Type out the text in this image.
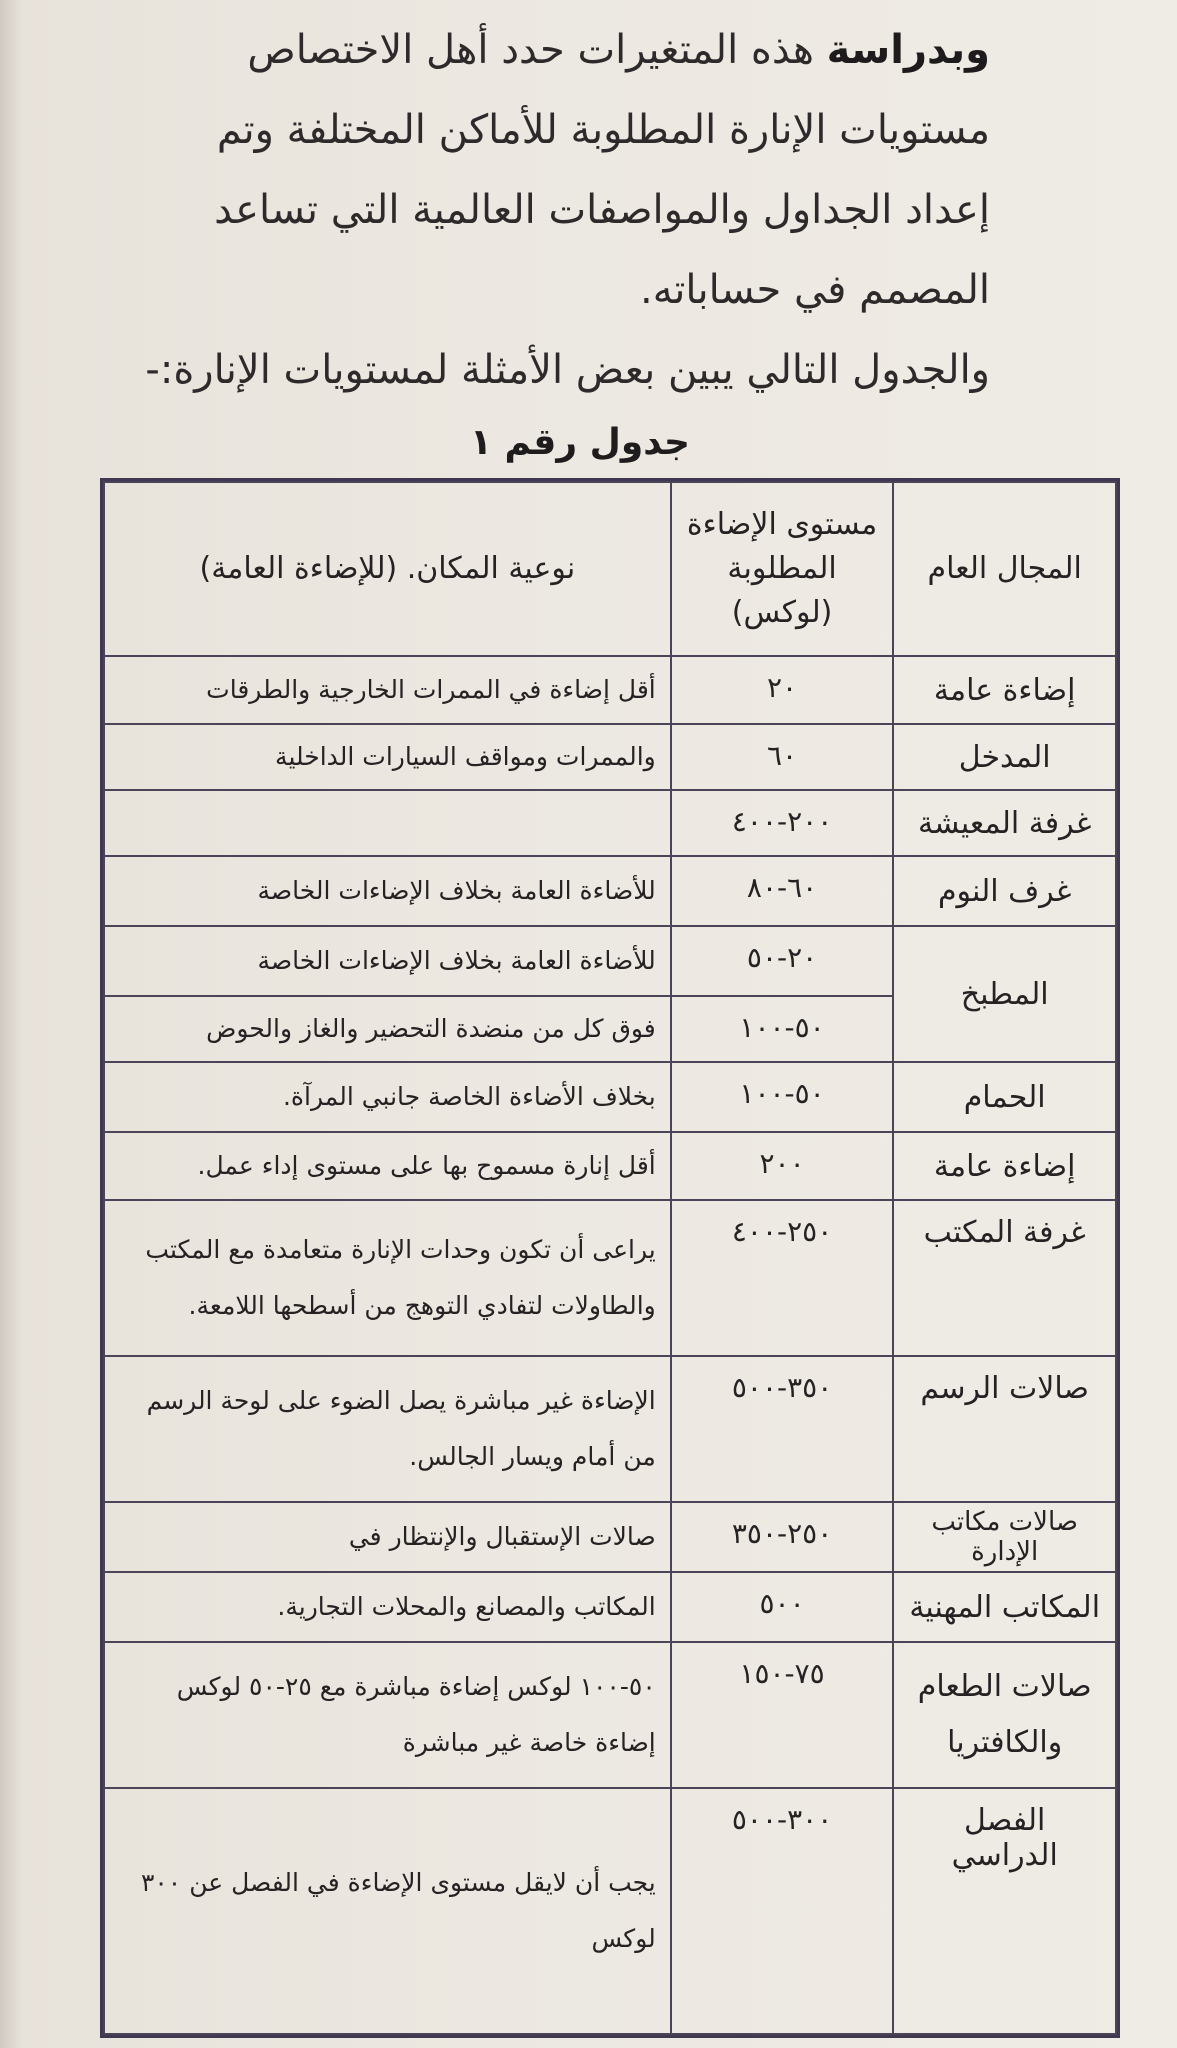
وبدراسة هذه المتغيرات حدد أهل الاختصاص
مستويات الإنارة المطلوبة للأماكن المختلفة وتم
إعداد الجداول والمواصفات العالمية التي تساعد
المصمم في حساباته.
والجدول التالي يبين بعض الأمثلة لمستويات الإنارة:-
جدول رقم ١
المجال العام	مستوى الإضاءة المطلوبة (لوكس)	نوعية المكان. (للإضاءة العامة)
إضاءة عامة	٢٠	أقل إضاءة في الممرات الخارجية والطرقات
المدخل	٦٠	والممرات ومواقف السيارات الداخلية
غرفة المعيشة	٢٠٠-٤٠٠	
غرف النوم	٦٠-٨٠	للأضاءة العامة بخلاف الإضاءات الخاصة
المطبخ	٢٠-٥٠	للأضاءة العامة بخلاف الإضاءات الخاصة
	٥٠-١٠٠	فوق كل من منضدة التحضير والغاز والحوض
الحمام	٥٠-١٠٠	بخلاف الأضاءة الخاصة جانبي المرآة.
إضاءة عامة	٢٠٠	أقل إنارة مسموح بها على مستوى إداء عمل.
غرفة المكتب	٢٥٠-٤٠٠	يراعى أن تكون وحدات الإنارة متعامدة مع المكتب والطاولات لتفادي التوهج من أسطحها اللامعة.
صالات الرسم	٣٥٠-٥٠٠	الإضاءة غير مباشرة يصل الضوء على لوحة الرسم من أمام ويسار الجالس.
صالات مكاتب الإدارة	٢٥٠-٣٥٠	صالات الإستقبال والإنتظار في
المكاتب المهنية	٥٠٠	المكاتب والمصانع والمحلات التجارية.
صالات الطعام والكافتريا	٧٥-١٥٠	٥٠-١٠٠ لوكس إضاءة مباشرة مع ٢٥-٥٠ لوكس إضاءة خاصة غير مباشرة
الفصل الدراسي	٣٠٠-٥٠٠	يجب أن لايقل مستوى الإضاءة في الفصل عن ٣٠٠ لوكس
